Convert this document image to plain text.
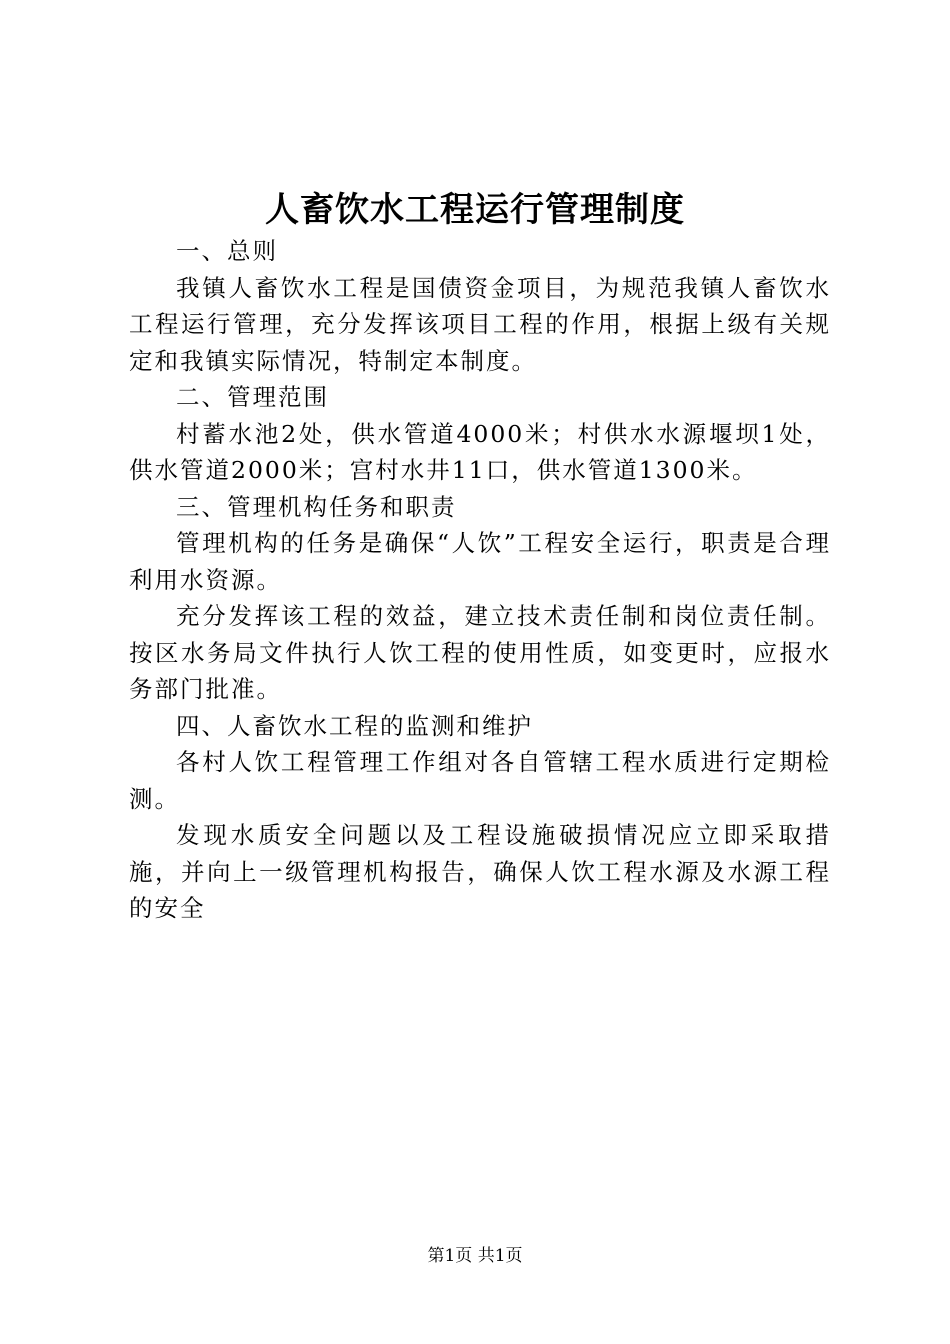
人畜饮水工程运行管理制度

一、总则

我镇人畜饮水工程是国债资金项目，为规范我镇人畜饮水工程运行管理，充分发挥该项目工程的作用，根据上级有关规定和我镇实际情况，特制定本制度。

二、管理范围

村蓄水池2处，供水管道4000米；村供水水源堰坝1处，供水管道2000米；宫村水井11口，供水管道1300米。

三、管理机构任务和职责

管理机构的任务是确保“人饮”工程安全运行，职责是合理利用水资源。

充分发挥该工程的效益，建立技术责任制和岗位责任制。按区水务局文件执行人饮工程的使用性质，如变更时，应报水务部门批准。

四、人畜饮水工程的监测和维护

各村人饮工程管理工作组对各自管辖工程水质进行定期检测。

发现水质安全问题以及工程设施破损情况应立即采取措施，并向上一级管理机构报告，确保人饮工程水源及水源工程的安全

第1页 共1页
